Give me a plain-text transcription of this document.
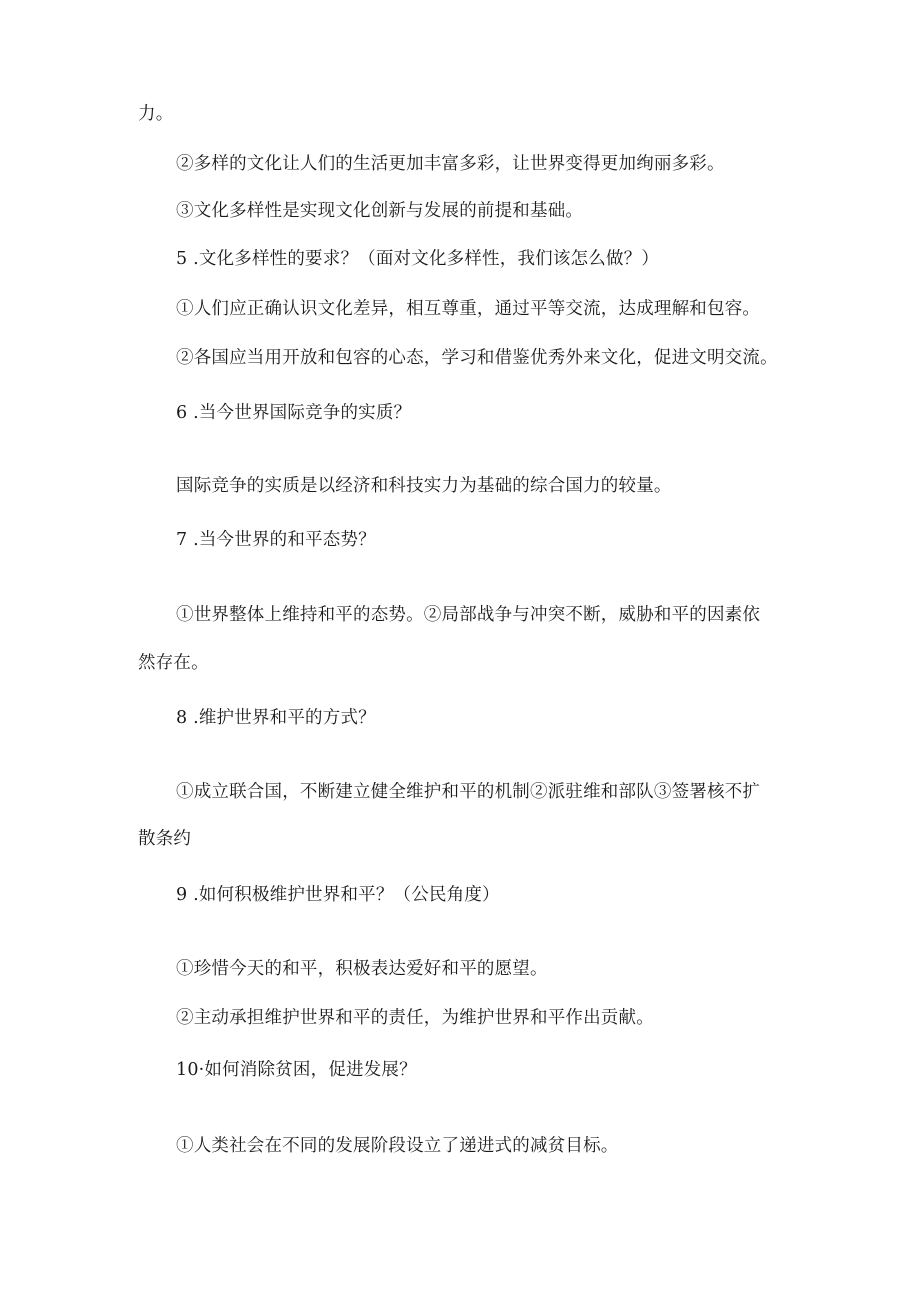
力。
②多样的文化让人们的生活更加丰富多彩，让世界变得更加绚丽多彩。
③文化多样性是实现文化创新与发展的前提和基础。
5 .文化多样性的要求？（面对文化多样性，我们该怎么做？）
①人们应正确认识文化差异，相互尊重，通过平等交流，达成理解和包容。
②各国应当用开放和包容的心态，学习和借鉴优秀外来文化，促进文明交流。
6 .当今世界国际竞争的实质？
国际竞争的实质是以经济和科技实力为基础的综合国力的较量。
7 .当今世界的和平态势？
①世界整体上维持和平的态势。②局部战争与冲突不断，威胁和平的因素依
然存在。
8 .维护世界和平的方式？
①成立联合国，不断建立健全维护和平的机制②派驻维和部队③签署核不扩
散条约
9 .如何积极维护世界和平？（公民角度）
①珍惜今天的和平，积极表达爱好和平的愿望。
②主动承担维护世界和平的责任，为维护世界和平作出贡献。
10·如何消除贫困，促进发展？
①人类社会在不同的发展阶段设立了递进式的减贫目标。
